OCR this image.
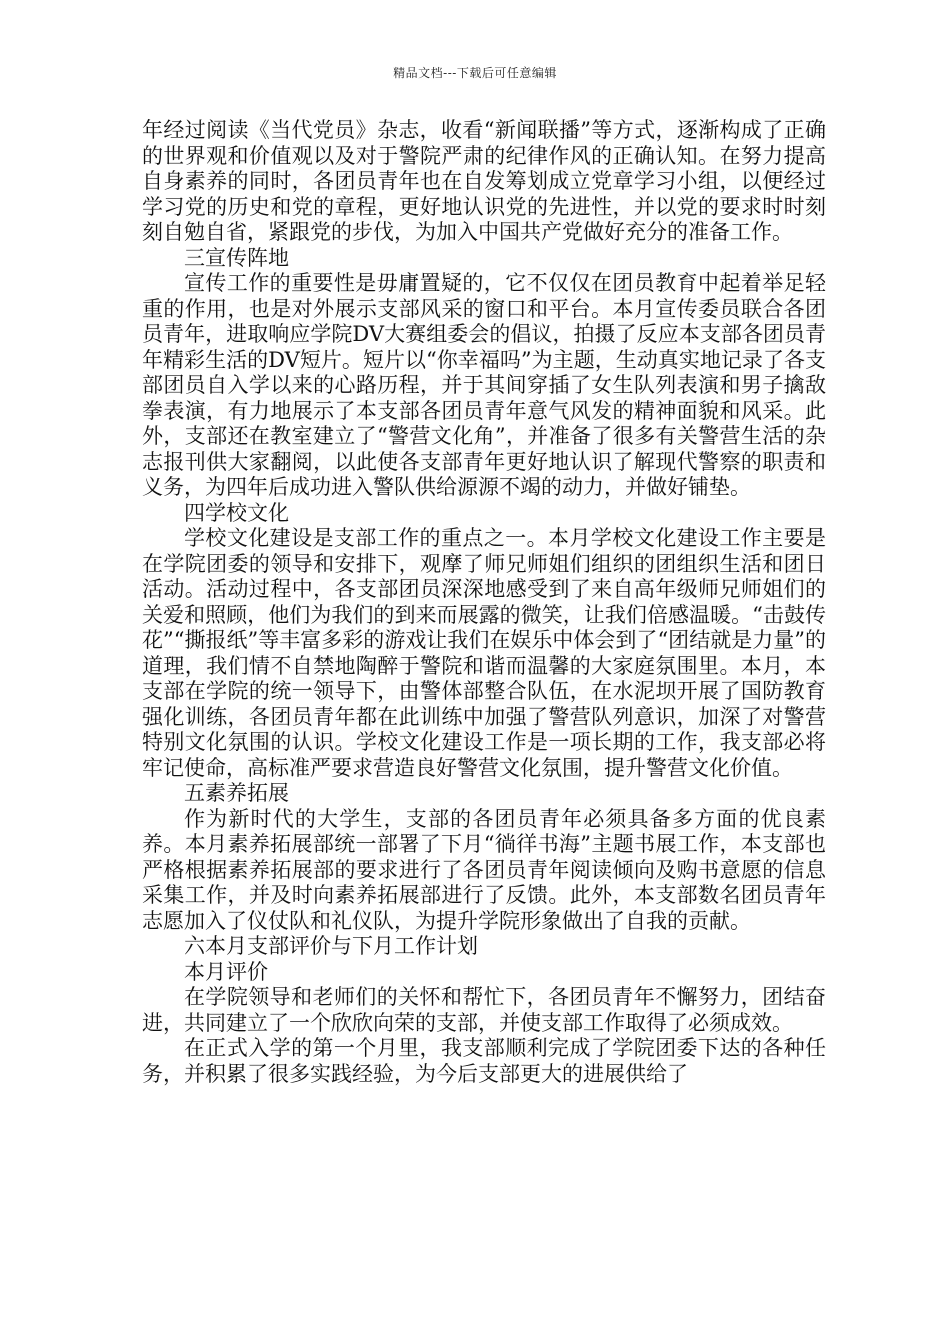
精品文档---下载后可任意编辑

年经过阅读《当代党员》杂志，收看“新闻联播”等方式，逐渐构成了正确的世界观和价值观以及对于警院严肃的纪律作风的正确认知。在努力提高自身素养的同时，各团员青年也在自发筹划成立党章学习小组，以便经过学习党的历史和党的章程，更好地认识党的先进性，并以党的要求时时刻刻自勉自省，紧跟党的步伐，为加入中国共产党做好充分的准备工作。

三宣传阵地

宣传工作的重要性是毋庸置疑的，它不仅仅在团员教育中起着举足轻重的作用，也是对外展示支部风采的窗口和平台。本月宣传委员联合各团员青年，进取响应学院DV大赛组委会的倡议，拍摄了反应本支部各团员青年精彩生活的DV短片。短片以“你幸福吗”为主题，生动真实地记录了各支部团员自入学以来的心路历程，并于其间穿插了女生队列表演和男子擒敌拳表演，有力地展示了本支部各团员青年意气风发的精神面貌和风采。此外，支部还在教室建立了“警营文化角”，并准备了很多有关警营生活的杂志报刊供大家翻阅，以此使各支部青年更好地认识了解现代警察的职责和义务，为四年后成功进入警队供给源源不竭的动力，并做好铺垫。

四学校文化

学校文化建设是支部工作的重点之一。本月学校文化建设工作主要是在学院团委的领导和安排下，观摩了师兄师姐们组织的团组织生活和团日活动。活动过程中，各支部团员深深地感受到了来自高年级师兄师姐们的关爱和照顾，他们为我们的到来而展露的微笑，让我们倍感温暖。“击鼓传花”“撕报纸”等丰富多彩的游戏让我们在娱乐中体会到了“团结就是力量”的道理，我们情不自禁地陶醉于警院和谐而温馨的大家庭氛围里。本月，本支部在学院的统一领导下，由警体部整合队伍，在水泥坝开展了国防教育强化训练，各团员青年都在此训练中加强了警营队列意识，加深了对警营特别文化氛围的认识。学校文化建设工作是一项长期的工作，我支部必将牢记使命，高标准严要求营造良好警营文化氛围，提升警营文化价值。

五素养拓展

作为新时代的大学生，支部的各团员青年必须具备多方面的优良素养。本月素养拓展部统一部署了下月“徜徉书海”主题书展工作，本支部也严格根据素养拓展部的要求进行了各团员青年阅读倾向及购书意愿的信息采集工作，并及时向素养拓展部进行了反馈。此外，本支部数名团员青年志愿加入了仪仗队和礼仪队，为提升学院形象做出了自我的贡献。

六本月支部评价与下月工作计划

本月评价

在学院领导和老师们的关怀和帮忙下，各团员青年不懈努力，团结奋进，共同建立了一个欣欣向荣的支部，并使支部工作取得了必须成效。

在正式入学的第一个月里，我支部顺利完成了学院团委下达的各种任务，并积累了很多实践经验，为今后支部更大的进展供给了
